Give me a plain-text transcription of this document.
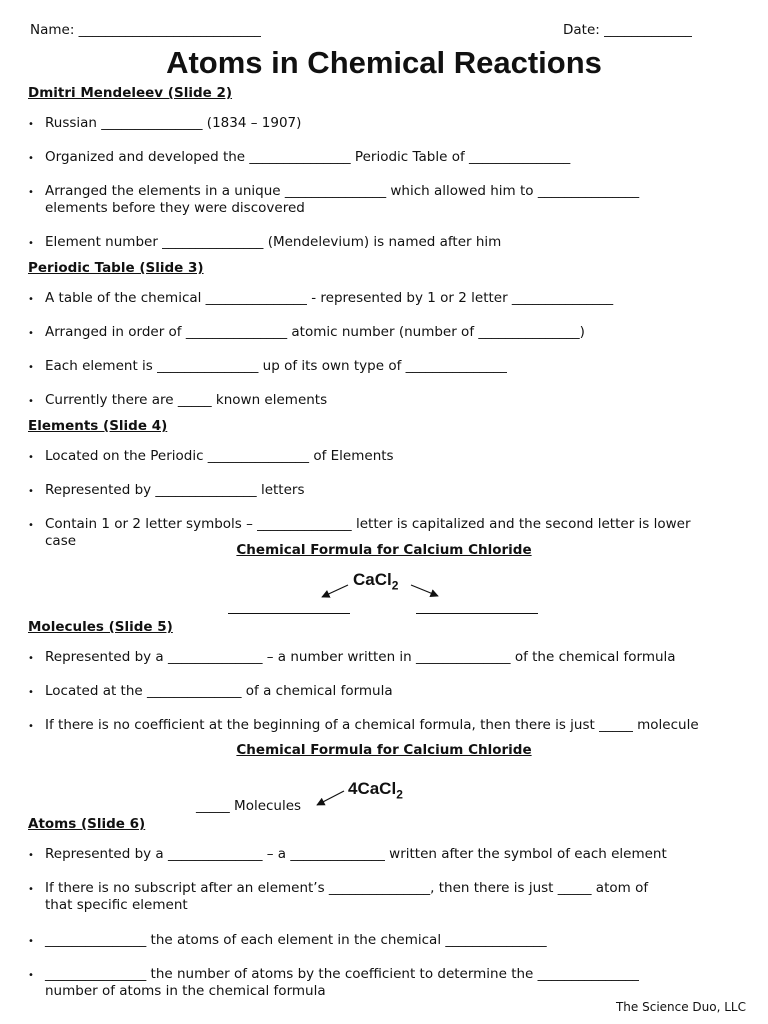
Name: ___________________________	Date: _____________
Atoms in Chemical Reactions
Dmitri Mendeleev (Slide 2)
• Russian _______________ (1834 – 1907)
• Organized and developed the _______________ Periodic Table of _______________
• Arranged the elements in a unique _______________ which allowed him to _______________
elements before they were discovered
• Element number _______________ (Mendelevium) is named after him
Periodic Table (Slide 3)
• A table of the chemical _______________ - represented by 1 or 2 letter _______________
• Arranged in order of _______________ atomic number (number of _______________)
• Each element is _______________ up of its own type of _______________
• Currently there are _____ known elements
Elements (Slide 4)
• Located on the Periodic _______________ of Elements
• Represented by _______________ letters
• Contain 1 or 2 letter symbols – ______________ letter is capitalized and the second letter is lower
case
Chemical Formula for Calcium Chloride
CaCl$_2$
Molecules (Slide 5)
• Represented by a ______________ – a number written in ______________ of the chemical formula
• Located at the ______________ of a chemical formula
• If there is no coefficient at the beginning of a chemical formula, then there is just _____ molecule
Chemical Formula for Calcium Chloride
4CaCl$_2$
_____ Molecules
Atoms (Slide 6)
• Represented by a ______________ – a ______________ written after the symbol of each element
• If there is no subscript after an element’s _______________, then there is just _____ atom of
that specific element
• _______________ the atoms of each element in the chemical _______________
• _______________ the number of atoms by the coefficient to determine the _______________
number of atoms in the chemical formula
The Science Duo, LLC
